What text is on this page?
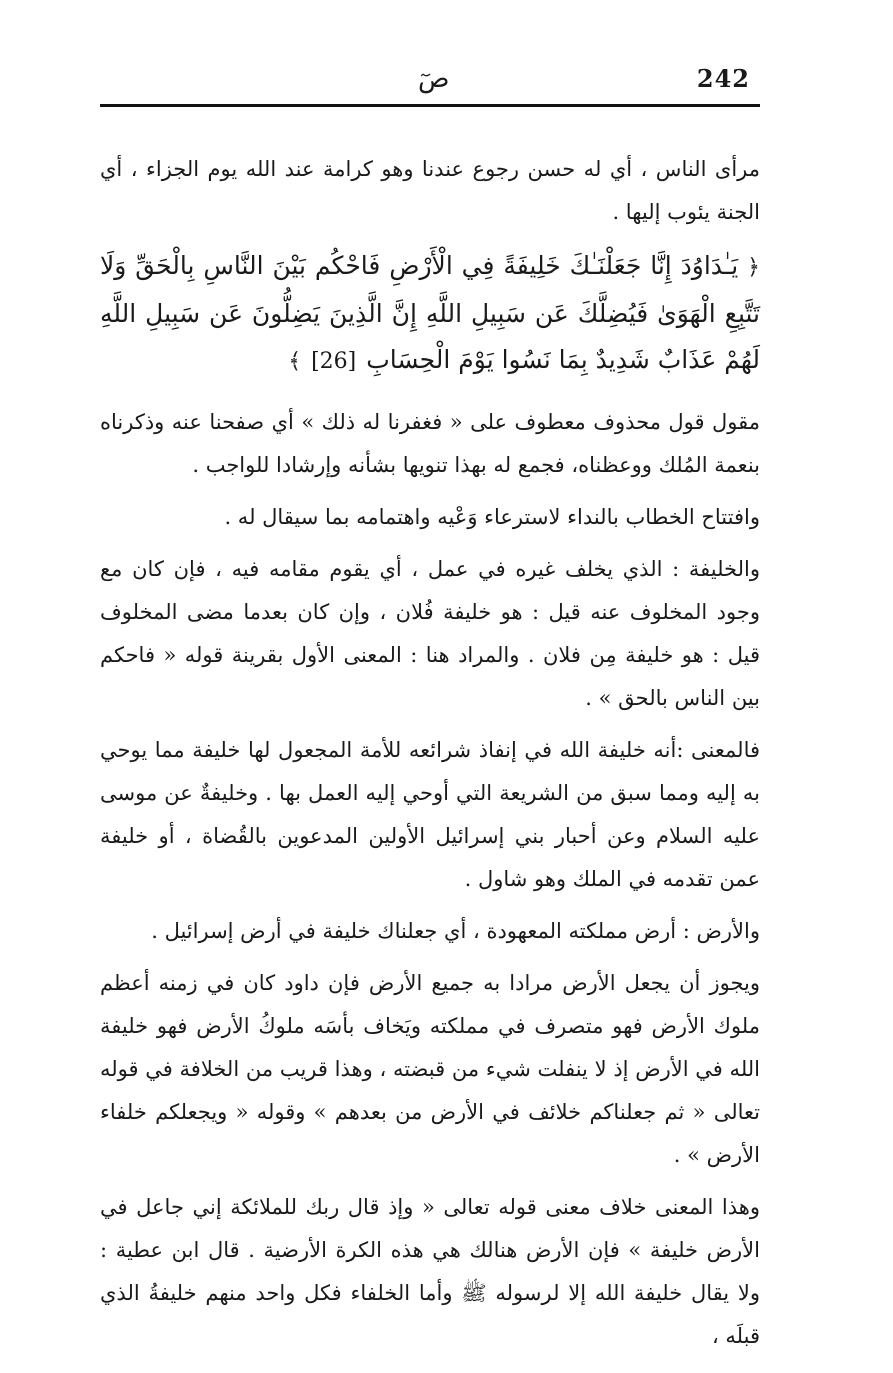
242
صٓ

مرأى الناس ، أي له حسن رجوع عندنا وهو كرامة عند الله يوم الجزاء ، أي الجنة يئوب إليها .

﴿ يَـٰدَاوُدَ إِنَّا جَعَلْنَـٰكَ خَلِيفَةً فِي الْأَرْضِ فَاحْكُم بَيْنَ النَّاسِ بِالْحَقِّ وَلَا تَتَّبِعِ الْهَوَىٰ فَيُضِلَّكَ عَن سَبِيلِ اللَّهِ إِنَّ الَّذِينَ يَضِلُّونَ عَن سَبِيلِ اللَّهِ لَهُمْ عَذَابٌ شَدِيدٌ بِمَا نَسُوا يَوْمَ الْحِسَابِ [26] ﴾

مقول قول محذوف معطوف على « فغفرنا له ذلك » أي صفحنا عنه وذكرناه بنعمة المُلك ووعظناه، فجمع له بهذا تنويها بشأنه وإرشادا للواجب .

وافتتاح الخطاب بالنداء لاسترعاء وَعْيه واهتمامه بما سيقال له .

والخليفة : الذي يخلف غيره في عمل ، أي يقوم مقامه فيه ، فإن كان مع وجود المخلوف عنه قيل : هو خليفة فُلان ، وإن كان بعدما مضى المخلوف قيل : هو خليفة مِن فلان . والمراد هنا : المعنى الأول بقرينة قوله « فاحكم بين الناس بالحق » .

فالمعنى :أنه خليفة الله في إنفاذ شرائعه للأمة المجعول لها خليفة مما يوحي به إليه ومما سبق من الشريعة التي أوحي إليه العمل بها . وخليفةٌ عن موسى عليه السلام وعن أحبار بني إسرائيل الأولين المدعوين بالقُضاة ، أو خليفة عمن تقدمه في الملك وهو شاول .

والأرض : أرض مملكته المعهودة ، أي جعلناك خليفة في أرض إسرائيل .

ويجوز أن يجعل الأرض مرادا به جميع الأرض فإن داود كان في زمنه أعظم ملوك الأرض فهو متصرف في مملكته ويَخاف بأسَه ملوكُ الأرض فهو خليفة الله في الأرض إذ لا ينفلت شيء من قبضته ، وهذا قريب من الخلافة في قوله تعالى « ثم جعلناكم خلائف في الأرض من بعدهم » وقوله « ويجعلكم خلفاء الأرض » .

وهذا المعنى خلاف معنى قوله تعالى « وإذ قال ربك للملائكة إني جاعل في الأرض خليفة » فإن الأرض هنالك هي هذه الكرة الأرضية . قال ابن عطية : ولا يقال خليفة الله إلا لرسوله ﷺ وأما الخلفاء فكل واحد منهم خليفةُ الذي قبلَه ،
